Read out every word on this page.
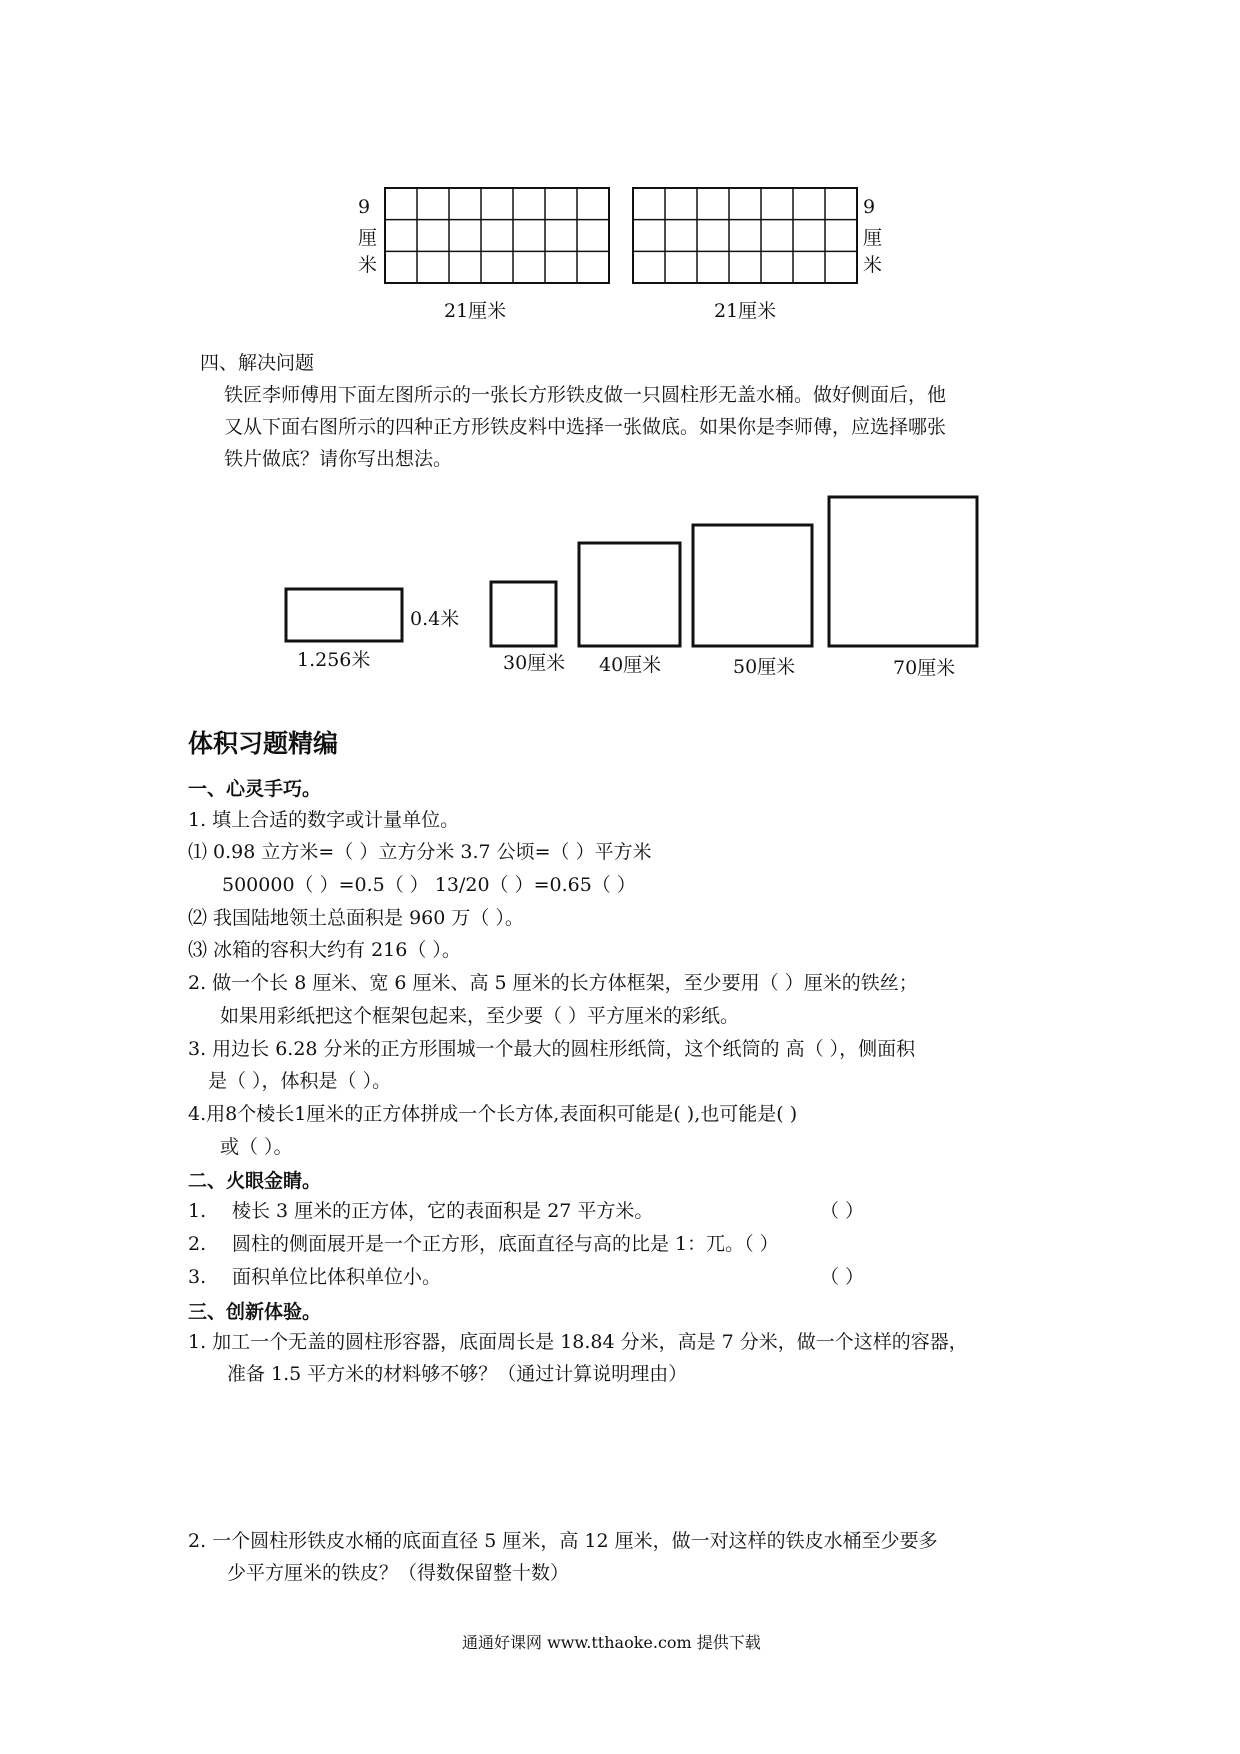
9
厘
米
9
厘
米
21厘米	21厘米
四、解决问题
铁匠李师傅用下面左图所示的一张长方形铁皮做一只圆柱形无盖水桶。做好侧面后，他
又从下面右图所示的四种正方形铁皮料中选择一张做底。如果你是李师傅，应选择哪张
铁片做底？请你写出想法。
0.4米
1.256米	30厘米 40厘米	50厘米	70厘米
体积习题精编
一、心灵手巧。
1. 填上合适的数字或计量单位。
⑴ 0.98 立方米=（ ）立方分米 3.7 公顷=（ ）平方米
500000（ ）=0.5（ ） 13/20（ ）=0.65（ ）
⑵ 我国陆地领土总面积是 960 万（ ）。
⑶ 冰箱的容积大约有 216（ ）。
2. 做一个长 8 厘米、宽 6 厘米、高 5 厘米的长方体框架，至少要用（ ）厘米的铁丝；
如果用彩纸把这个框架包起来，至少要（ ）平方厘米的彩纸。
3. 用边长 6.28 分米的正方形围城一个最大的圆柱形纸筒，这个纸筒的 高（ ），侧面积
是（ ），体积是（ ）。
4.用8个棱长1厘米的正方体拼成一个长方体,表面积可能是( ),也可能是( )
或（ ）。
二、火眼金睛。
1. 棱长 3 厘米的正方体，它的表面积是 27 平方米。	（ ）
2. 圆柱的侧面展开是一个正方形，底面直径与高的比是 1：兀。（ ）
3. 面积单位比体积单位小。	（ ）
三、创新体验。
1. 加工一个无盖的圆柱形容器，底面周长是 18.84 分米，高是 7 分米，做一个这样的容器，
准备 1.5 平方米的材料够不够？（通过计算说明理由）
2. 一个圆柱形铁皮水桶的底面直径 5 厘米，高 12 厘米，做一对这样的铁皮水桶至少要多
少平方厘米的铁皮？（得数保留整十数）
通通好课网 www.tthaoke.com 提供下载
